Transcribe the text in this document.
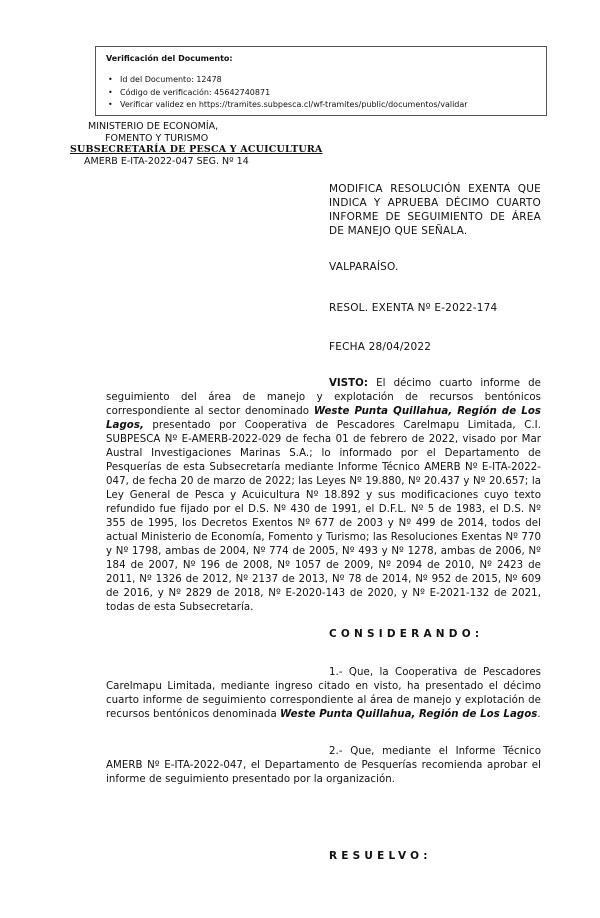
Verificación del Documento:
• Id del Documento: 12478
• Código de verificación: 45642740871
• Verificar validez en https://tramites.subpesca.cl/wf-tramites/public/documentos/validar
MINISTERIO DE ECONOMÍA,
FOMENTO Y TURISMO
SUBSECRETARÍA DE PESCA Y ACUICULTURA
AMERB E-ITA-2022-047 SEG. Nº 14
MODIFICA RESOLUCIÓN EXENTA QUE
INDICA Y APRUEBA DÉCIMO CUARTO
INFORME DE SEGUIMIENTO DE ÁREA
DE MANEJO QUE SEÑALA.
VALPARAÍSO.
RESOL. EXENTA Nº E-2022-174
FECHA 28/04/2022
VISTO: El décimo cuarto informe de seguimiento del área de manejo y explotación de recursos bentónicos correspondiente al sector denominado Weste Punta Quillahua, Región de Los Lagos, presentado por Cooperativa de Pescadores Carelmapu Limitada, C.I. SUBPESCA Nº E-AMERB-2022-029 de fecha 01 de febrero de 2022, visado por Mar Austral Investigaciones Marinas S.A.; lo informado por el Departamento de Pesquerías de esta Subsecretaría mediante Informe Técnico AMERB Nº E-ITA-2022-047, de fecha 20 de marzo de 2022; las Leyes Nº 19.880, Nº 20.437 y Nº 20.657; la Ley General de Pesca y Acuicultura Nº 18.892 y sus modificaciones cuyo texto refundido fue fijado por el D.S. Nº 430 de 1991, el D.F.L. Nº 5 de 1983, el D.S. Nº 355 de 1995, los Decretos Exentos Nº 677 de 2003 y Nº 499 de 2014, todos del actual Ministerio de Economía, Fomento y Turismo; las Resoluciones Exentas Nº 770 y Nº 1798, ambas de 2004, Nº 774 de 2005, Nº 493 y Nº 1278, ambas de 2006, Nº 184 de 2007, Nº 196 de 2008, Nº 1057 de 2009, Nº 2094 de 2010, Nº 2423 de 2011, Nº 1326 de 2012, Nº 2137 de 2013, Nº 78 de 2014, Nº 952 de 2015, Nº 609 de 2016, y Nº 2829 de 2018, Nº E-2020-143 de 2020, y Nº E-2021-132 de 2021, todas de esta Subsecretaría.
CONSIDERANDO:
1.- Que, la Cooperativa de Pescadores Carelmapu Limitada, mediante ingreso citado en visto, ha presentado el décimo cuarto informe de seguimiento correspondiente al área de manejo y explotación de recursos bentónicos denominada Weste Punta Quillahua, Región de Los Lagos.
2.- Que, mediante el Informe Técnico AMERB Nº E-ITA-2022-047, el Departamento de Pesquerías recomienda aprobar el informe de seguimiento presentado por la organización.
RESUELVO:
